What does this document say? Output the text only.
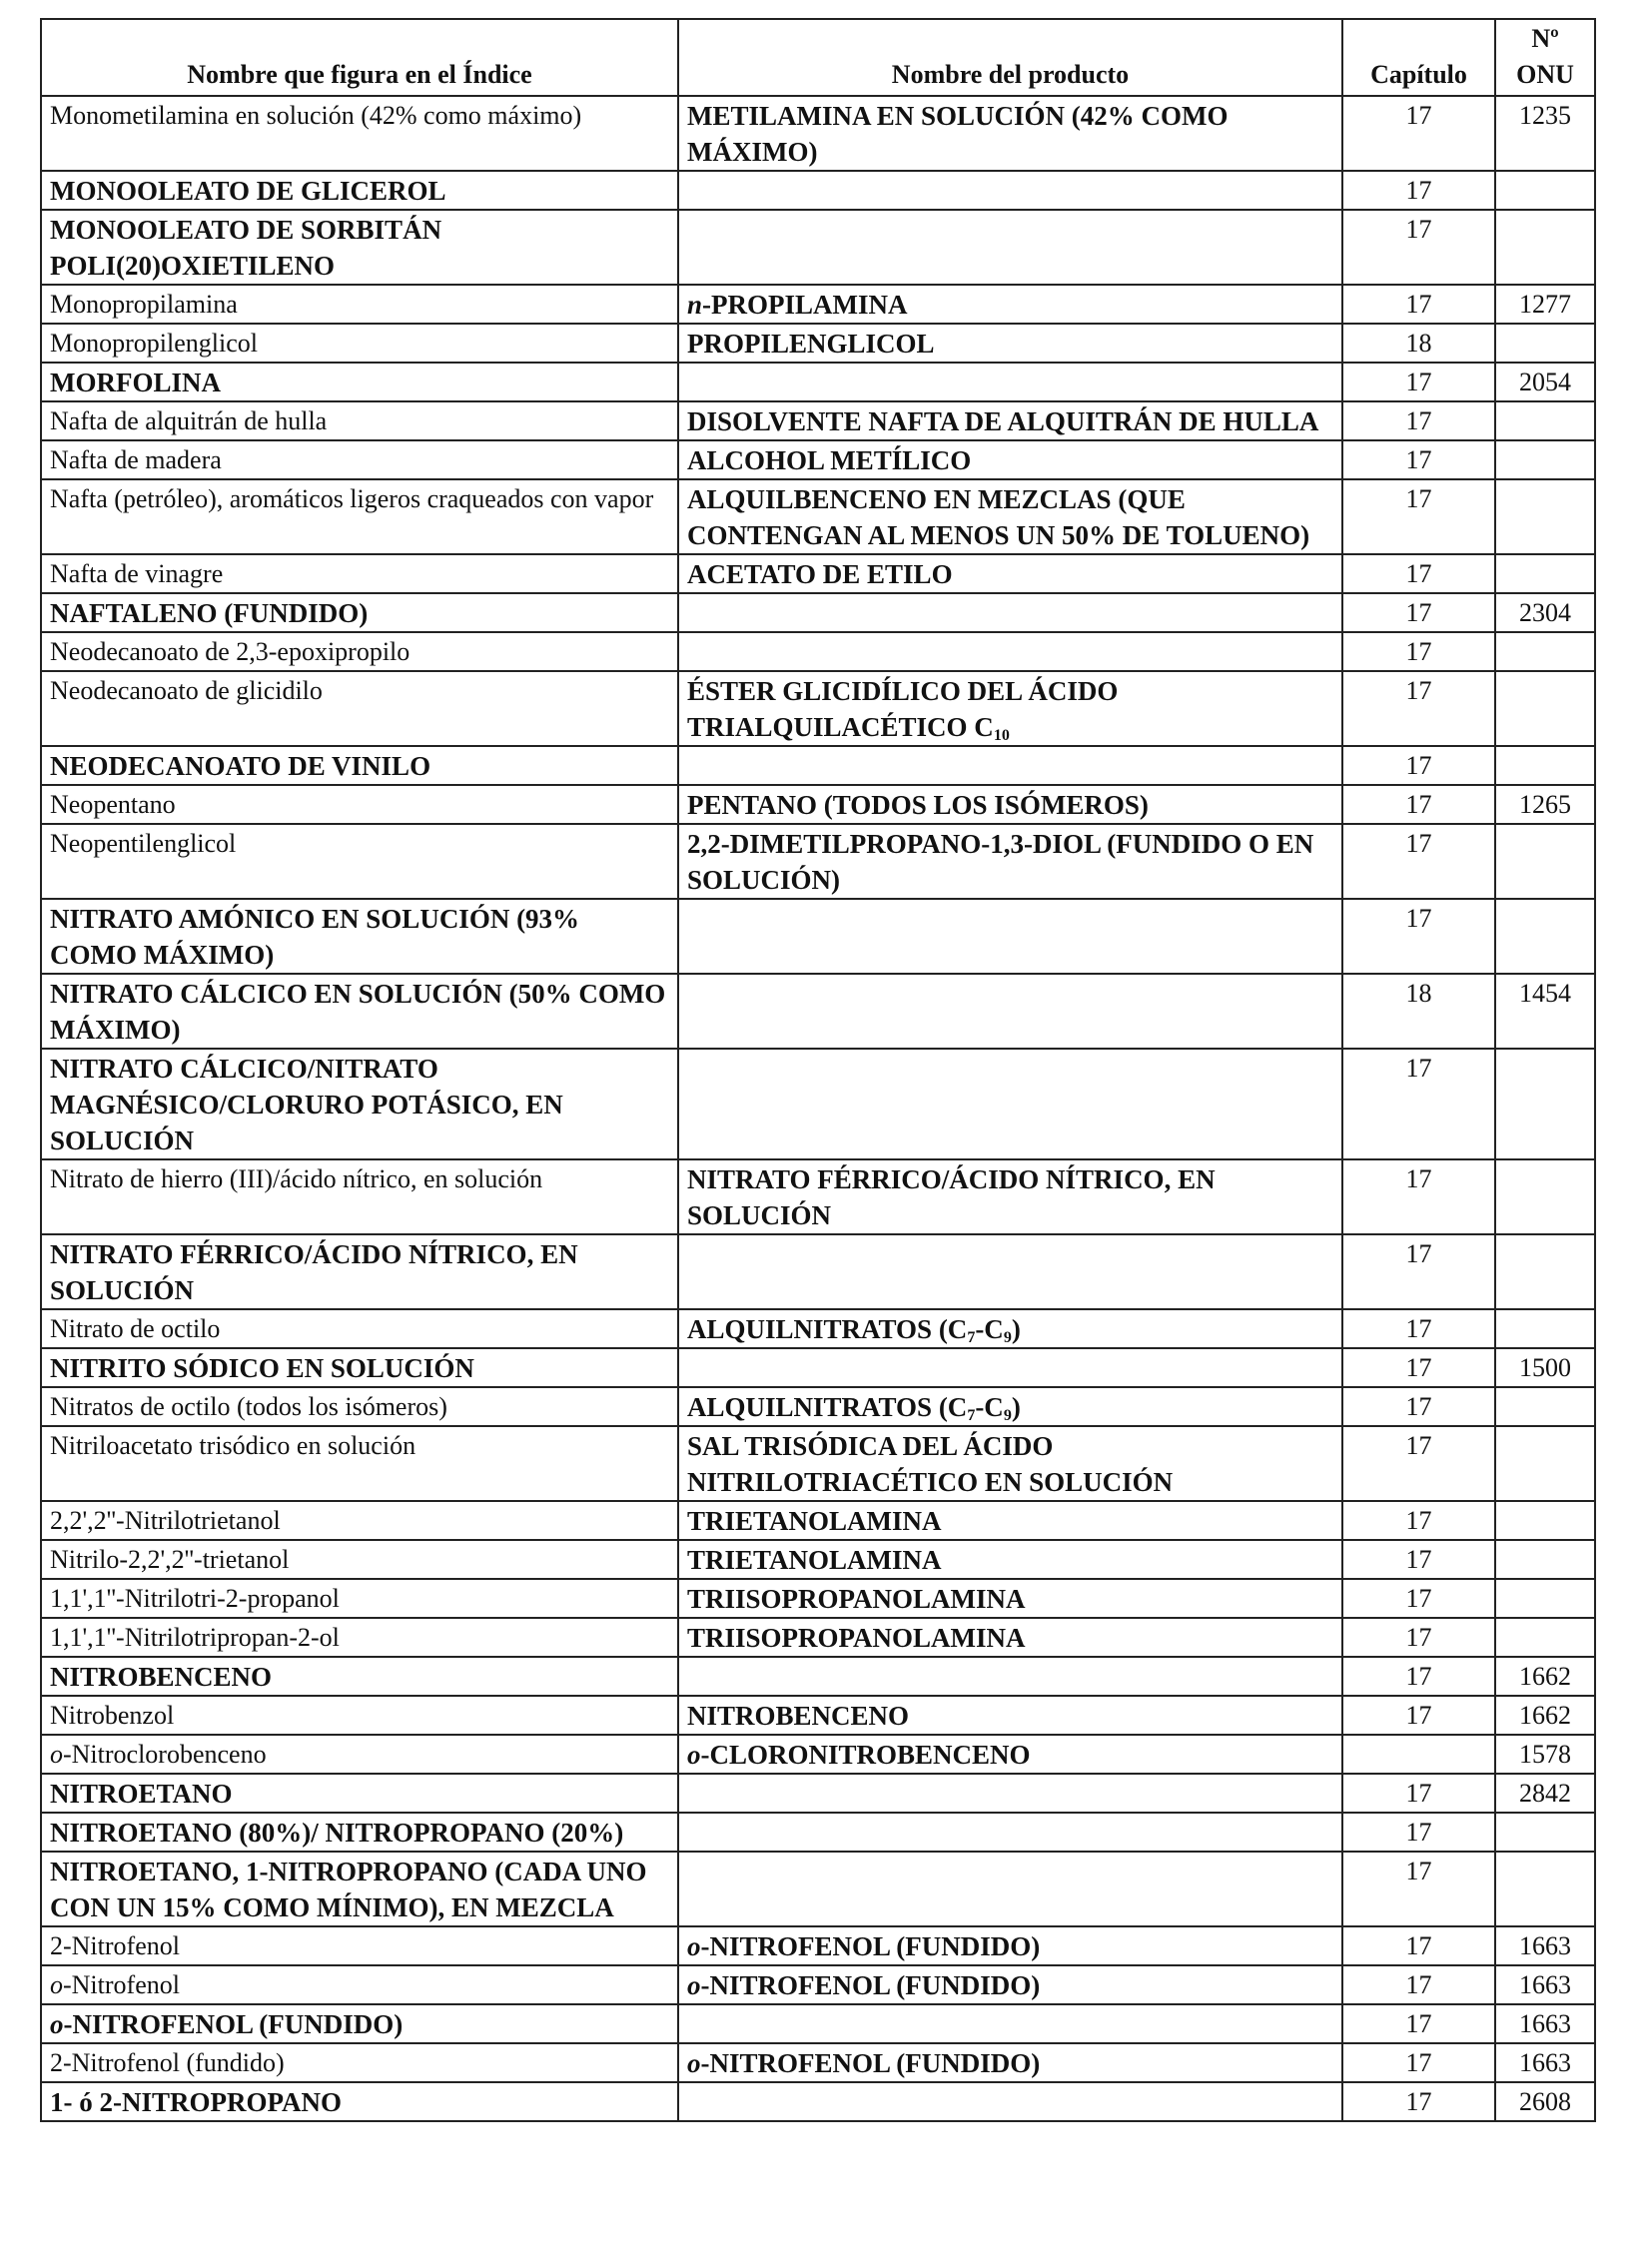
Nombre que figura en el Índice	Nombre del producto	Capítulo	Nº ONU
Monometilamina en solución (42% como máximo)	METILAMINA EN SOLUCIÓN (42% COMO MÁXIMO)	17	1235
MONOOLEATO DE GLICEROL		17	
MONOOLEATO DE SORBITÁN POLI(20)OXIETILENO		17	
Monopropilamina	n-PROPILAMINA	17	1277
Monopropilenglicol	PROPILENGLICOL	18	
MORFOLINA		17	2054
Nafta de alquitrán de hulla	DISOLVENTE NAFTA DE ALQUITRÁN DE HULLA	17	
Nafta de madera	ALCOHOL METÍLICO	17	
Nafta (petróleo), aromáticos ligeros craqueados con vapor	ALQUILBENCENO EN MEZCLAS (QUE CONTENGAN AL MENOS UN 50% DE TOLUENO)	17	
Nafta de vinagre	ACETATO DE ETILO	17	
NAFTALENO (FUNDIDO)		17	2304
Neodecanoato de 2,3-epoxipropilo		17	
Neodecanoato de glicidilo	ÉSTER GLICIDÍLICO DEL ÁCIDO TRIALQUILACÉTICO $C_{10}$	17	
NEODECANOATO DE VINILO		17	
Neopentano	PENTANO (TODOS LOS ISÓMEROS)	17	1265
Neopentilenglicol	2,2-DIMETILPROPANO-1,3-DIOL (FUNDIDO O EN SOLUCIÓN)	17	
NITRATO AMÓNICO EN SOLUCIÓN (93% COMO MÁXIMO)		17	
NITRATO CÁLCICO EN SOLUCIÓN (50% COMO MÁXIMO)		18	1454
NITRATO CÁLCICO/NITRATO MAGNÉSICO/CLORURO POTÁSICO, EN SOLUCIÓN		17	
Nitrato de hierro (III)/ácido nítrico, en solución	NITRATO FÉRRICO/ÁCIDO NÍTRICO, EN SOLUCIÓN	17	
NITRATO FÉRRICO/ÁCIDO NÍTRICO, EN SOLUCIÓN		17	
Nitrato de octilo	ALQUILNITRATOS $(C_7-C_9)$	17	
NITRITO SÓDICO EN SOLUCIÓN		17	1500
Nitratos de octilo (todos los isómeros)	ALQUILNITRATOS $(C_7-C_9)$	17	
Nitriloacetato trisódico en solución	SAL TRISÓDICA DEL ÁCIDO NITRILOTRIACÉTICO EN SOLUCIÓN	17	
2,2',2''-Nitrilotrietanol	TRIETANOLAMINA	17	
Nitrilo-2,2',2''-trietanol	TRIETANOLAMINA	17	
1,1',1''-Nitrilotri-2-propanol	TRIISOPROPANOLAMINA	17	
1,1',1''-Nitrilotripropan-2-ol	TRIISOPROPANOLAMINA	17	
NITROBENCENO		17	1662
Nitrobenzol	NITROBENCENO	17	1662
o-Nitroclorobenceno	o-CLORONITROBENCENO		1578
NITROETANO		17	2842
NITROETANO (80%)/ NITROPROPANO (20%)		17	
NITROETANO, 1-NITROPROPANO (CADA UNO CON UN 15% COMO MÍNIMO), EN MEZCLA		17	
2-Nitrofenol	o-NITROFENOL (FUNDIDO)	17	1663
o-Nitrofenol	o-NITROFENOL (FUNDIDO)	17	1663
o-NITROFENOL (FUNDIDO)		17	1663
2-Nitrofenol (fundido)	o-NITROFENOL (FUNDIDO)	17	1663
1- ó 2-NITROPROPANO		17	2608
